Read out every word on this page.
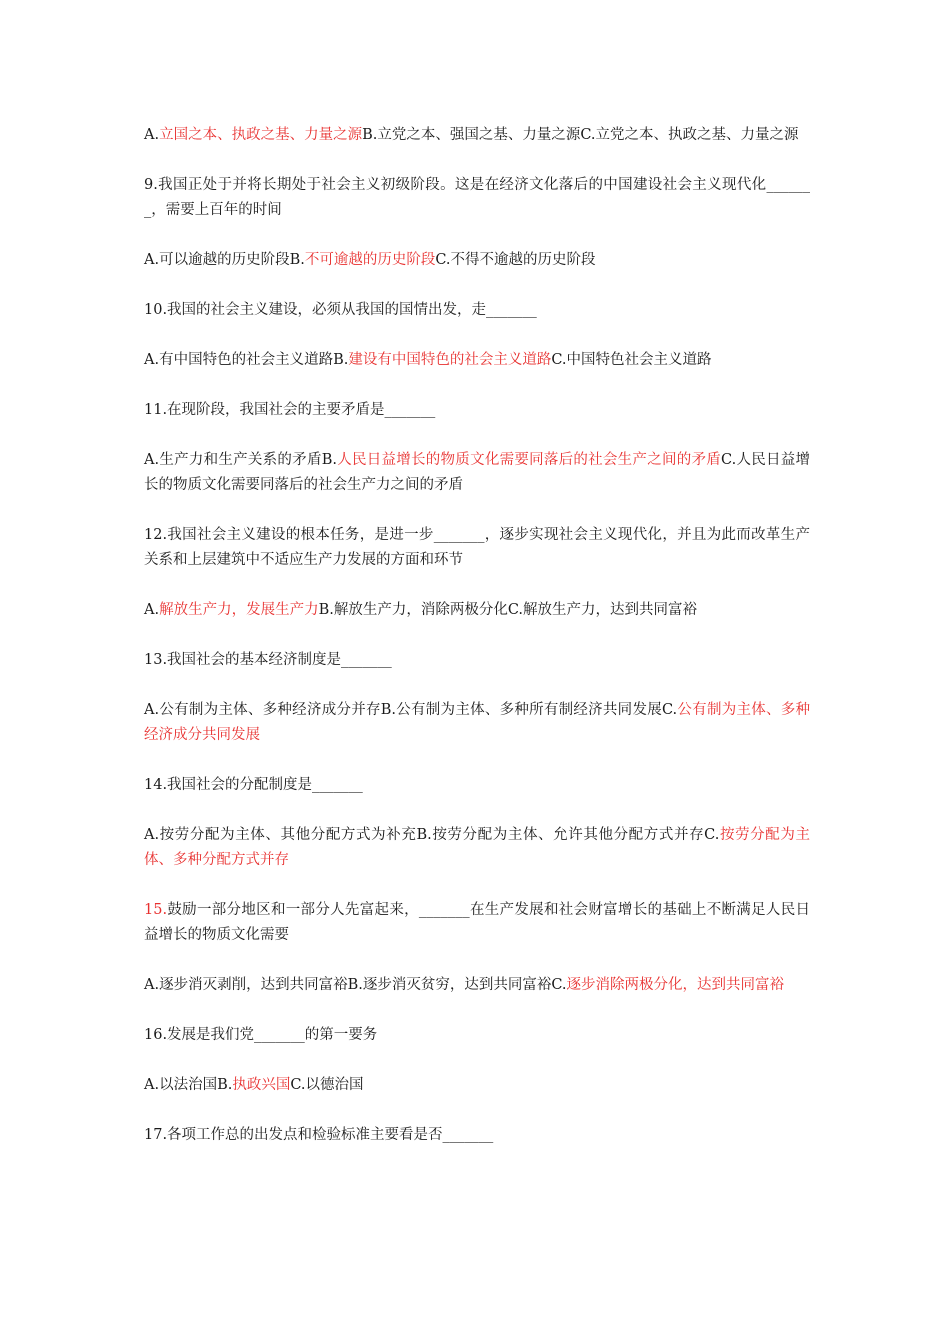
A.立国之本、执政之基、力量之源B.立党之本、强国之基、力量之源C.立党之本、执政之基、力量之源

9.我国正处于并将长期处于社会主义初级阶段。这是在经济文化落后的中国建设社会主义现代化_______，需要上百年的时间

A.可以逾越的历史阶段B.不可逾越的历史阶段C.不得不逾越的历史阶段

10.我国的社会主义建设，必须从我国的国情出发，走_______

A.有中国特色的社会主义道路B.建设有中国特色的社会主义道路C.中国特色社会主义道路

11.在现阶段，我国社会的主要矛盾是_______

A.生产力和生产关系的矛盾B.人民日益增长的物质文化需要同落后的社会生产之间的矛盾C.人民日益增长的物质文化需要同落后的社会生产力之间的矛盾

12.我国社会主义建设的根本任务，是进一步_______，逐步实现社会主义现代化，并且为此而改革生产关系和上层建筑中不适应生产力发展的方面和环节

A.解放生产力，发展生产力B.解放生产力，消除两极分化C.解放生产力，达到共同富裕

13.我国社会的基本经济制度是_______

A.公有制为主体、多种经济成分并存B.公有制为主体、多种所有制经济共同发展C.公有制为主体、多种经济成分共同发展

14.我国社会的分配制度是_______

A.按劳分配为主体、其他分配方式为补充B.按劳分配为主体、允许其他分配方式并存C.按劳分配为主体、多种分配方式并存

15.鼓励一部分地区和一部分人先富起来，_______在生产发展和社会财富增长的基础上不断满足人民日益增长的物质文化需要

A.逐步消灭剥削，达到共同富裕B.逐步消灭贫穷，达到共同富裕C.逐步消除两极分化，达到共同富裕

16.发展是我们党_______的第一要务

A.以法治国B.执政兴国C.以德治国

17.各项工作总的出发点和检验标准主要看是否_______
